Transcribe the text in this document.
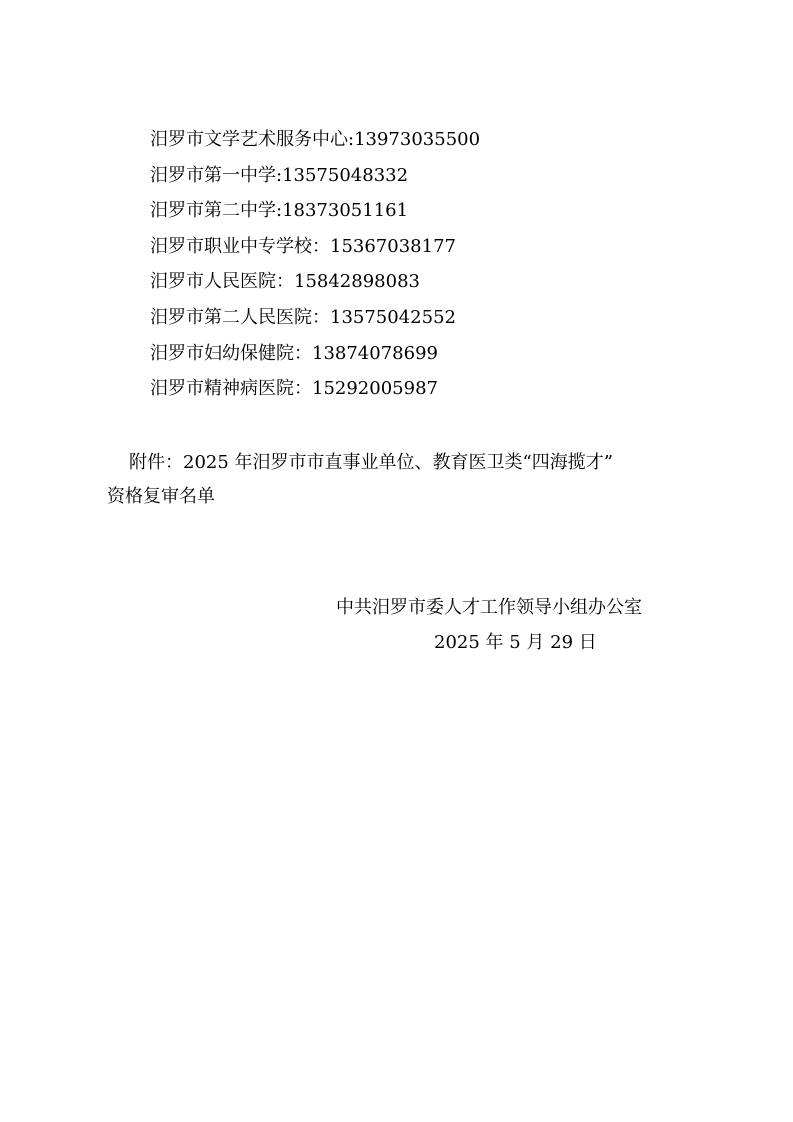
汨罗市文学艺术服务中心:13973035500
汨罗市第一中学:13575048332
汨罗市第二中学:18373051161
汨罗市职业中专学校：15367038177
汨罗市人民医院：15842898083
汨罗市第二人民医院：13575042552
汨罗市妇幼保健院：13874078699
汨罗市精神病医院：15292005987

附件：2025 年汨罗市市直事业单位、教育医卫类“四海揽才”
资格复审名单

中共汨罗市委人才工作领导小组办公室

2025 年 5 月 29 日
